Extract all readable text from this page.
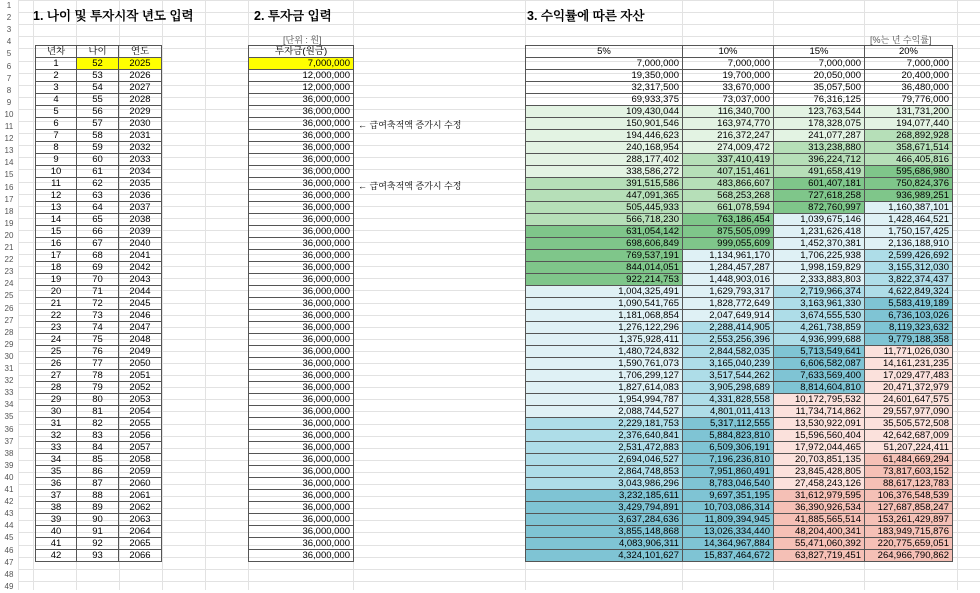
1
2
3
4
5
6
7
8
9
10
11
12
13
14
15
16
17
18
19
20
21
22
23
24
25
26
27
28
29
30
31
32
33
34
35
36
37
38
39
40
41
42
43
44
45
46
47
48
49
1. 나이 및 투자시작 년도 입력	2. 투자금 입력	3. 수익률에 따른 자산
[단위 : 원]	[%는 년 수익률]
← 급여축적액 증가시 수정
← 급여축적액 증가시 수정
년차	나이	연도
1	52	2025
2	53	2026
3	54	2027
4	55	2028
5	56	2029
6	57	2030
7	58	2031
8	59	2032
9	60	2033
10	61	2034
11	62	2035
12	63	2036
13	64	2037
14	65	2038
15	66	2039
16	67	2040
17	68	2041
18	69	2042
19	70	2043
20	71	2044
21	72	2045
22	73	2046
23	74	2047
24	75	2048
25	76	2049
26	77	2050
27	78	2051
28	79	2052
29	80	2053
30	81	2054
31	82	2055
32	83	2056
33	84	2057
34	85	2058
35	86	2059
36	87	2060
37	88	2061
38	89	2062
39	90	2063
40	91	2064
41	92	2065
42	93	2066
투자금(원금)
7,000,000
12,000,000
12,000,000
36,000,000
36,000,000
36,000,000
36,000,000
36,000,000
36,000,000
36,000,000
36,000,000
36,000,000
36,000,000
36,000,000
36,000,000
36,000,000
36,000,000
36,000,000
36,000,000
36,000,000
36,000,000
36,000,000
36,000,000
36,000,000
36,000,000
36,000,000
36,000,000
36,000,000
36,000,000
36,000,000
36,000,000
36,000,000
36,000,000
36,000,000
36,000,000
36,000,000
36,000,000
36,000,000
36,000,000
36,000,000
36,000,000
36,000,000
5%	10%	15%	20%
7,000,000	7,000,000	7,000,000	7,000,000
19,350,000	19,700,000	20,050,000	20,400,000
32,317,500	33,670,000	35,057,500	36,480,000
69,933,375	73,037,000	76,316,125	79,776,000
109,430,044	116,340,700	123,763,544	131,731,200
150,901,546	163,974,770	178,328,075	194,077,440
194,446,623	216,372,247	241,077,287	268,892,928
240,168,954	274,009,472	313,238,880	358,671,514
288,177,402	337,410,419	396,224,712	466,405,816
338,586,272	407,151,461	491,658,419	595,686,980
391,515,586	483,866,607	601,407,181	750,824,376
447,091,365	568,253,268	727,618,258	936,989,251
505,445,933	661,078,594	872,760,997	1,160,387,101
566,718,230	763,186,454	1,039,675,146	1,428,464,521
631,054,142	875,505,099	1,231,626,418	1,750,157,425
698,606,849	999,055,609	1,452,370,381	2,136,188,910
769,537,191	1,134,961,170	1,706,225,938	2,599,426,692
844,014,051	1,284,457,287	1,998,159,829	3,155,312,030
922,214,753	1,448,903,016	2,333,883,803	3,822,374,437
1,004,325,491	1,629,793,317	2,719,966,374	4,622,849,324
1,090,541,765	1,828,772,649	3,163,961,330	5,583,419,189
1,181,068,854	2,047,649,914	3,674,555,530	6,736,103,026
1,276,122,296	2,288,414,905	4,261,738,859	8,119,323,632
1,375,928,411	2,553,256,396	4,936,999,688	9,779,188,358
1,480,724,832	2,844,582,035	5,713,549,641	11,771,026,030
1,590,761,073	3,165,040,239	6,606,582,087	14,161,231,235
1,706,299,127	3,517,544,262	7,633,569,400	17,029,477,483
1,827,614,083	3,905,298,689	8,814,604,810	20,471,372,979
1,954,994,787	4,331,828,558	10,172,795,532	24,601,647,575
2,088,744,527	4,801,011,413	11,734,714,862	29,557,977,090
2,229,181,753	5,317,112,555	13,530,922,091	35,505,572,508
2,376,640,841	5,884,823,810	15,596,560,404	42,642,687,009
2,531,472,883	6,509,306,191	17,972,044,465	51,207,224,411
2,694,046,527	7,196,236,810	20,703,851,135	61,484,669,294
2,864,748,853	7,951,860,491	23,845,428,805	73,817,603,152
3,043,986,296	8,783,046,540	27,458,243,126	88,617,123,783
3,232,185,611	9,697,351,195	31,612,979,595	106,376,548,539
3,429,794,891	10,703,086,314	36,390,926,534	127,687,858,247
3,637,284,636	11,809,394,945	41,885,565,514	153,261,429,897
3,855,148,868	13,026,334,440	48,204,400,341	183,949,715,876
4,083,906,311	14,364,967,884	55,471,060,392	220,775,659,051
4,324,101,627	15,837,464,672	63,827,719,451	264,966,790,862
